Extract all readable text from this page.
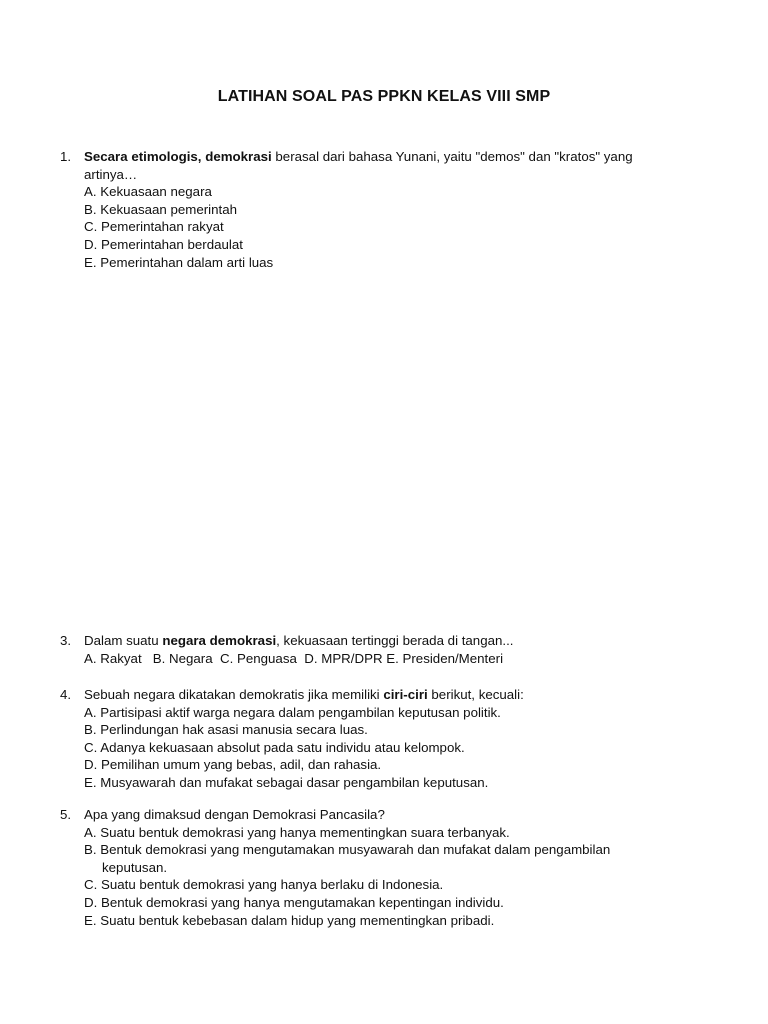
LATIHAN SOAL PAS PPKN KELAS VIII SMP
1. Secara etimologis, demokrasi berasal dari bahasa Yunani, yaitu "demos" dan "kratos" yang
artinya…
A. Kekuasaan negara
B. Kekuasaan pemerintah
C. Pemerintahan rakyat
D. Pemerintahan berdaulat
E. Pemerintahan dalam arti luas
3. Dalam suatu negara demokrasi, kekuasaan tertinggi berada di tangan...
A. Rakyat   B. Negara  C. Penguasa  D. MPR/DPR E. Presiden/Menteri
4. Sebuah negara dikatakan demokratis jika memiliki ciri-ciri berikut, kecuali:
A. Partisipasi aktif warga negara dalam pengambilan keputusan politik.
B. Perlindungan hak asasi manusia secara luas.
C. Adanya kekuasaan absolut pada satu individu atau kelompok.
D. Pemilihan umum yang bebas, adil, dan rahasia.
E. Musyawarah dan mufakat sebagai dasar pengambilan keputusan.
5. Apa yang dimaksud dengan Demokrasi Pancasila?
A. Suatu bentuk demokrasi yang hanya mementingkan suara terbanyak.
B. Bentuk demokrasi yang mengutamakan musyawarah dan mufakat dalam pengambilan keputusan.
C. Suatu bentuk demokrasi yang hanya berlaku di Indonesia.
D. Bentuk demokrasi yang hanya mengutamakan kepentingan individu.
E. Suatu bentuk kebebasan dalam hidup yang mementingkan pribadi.
